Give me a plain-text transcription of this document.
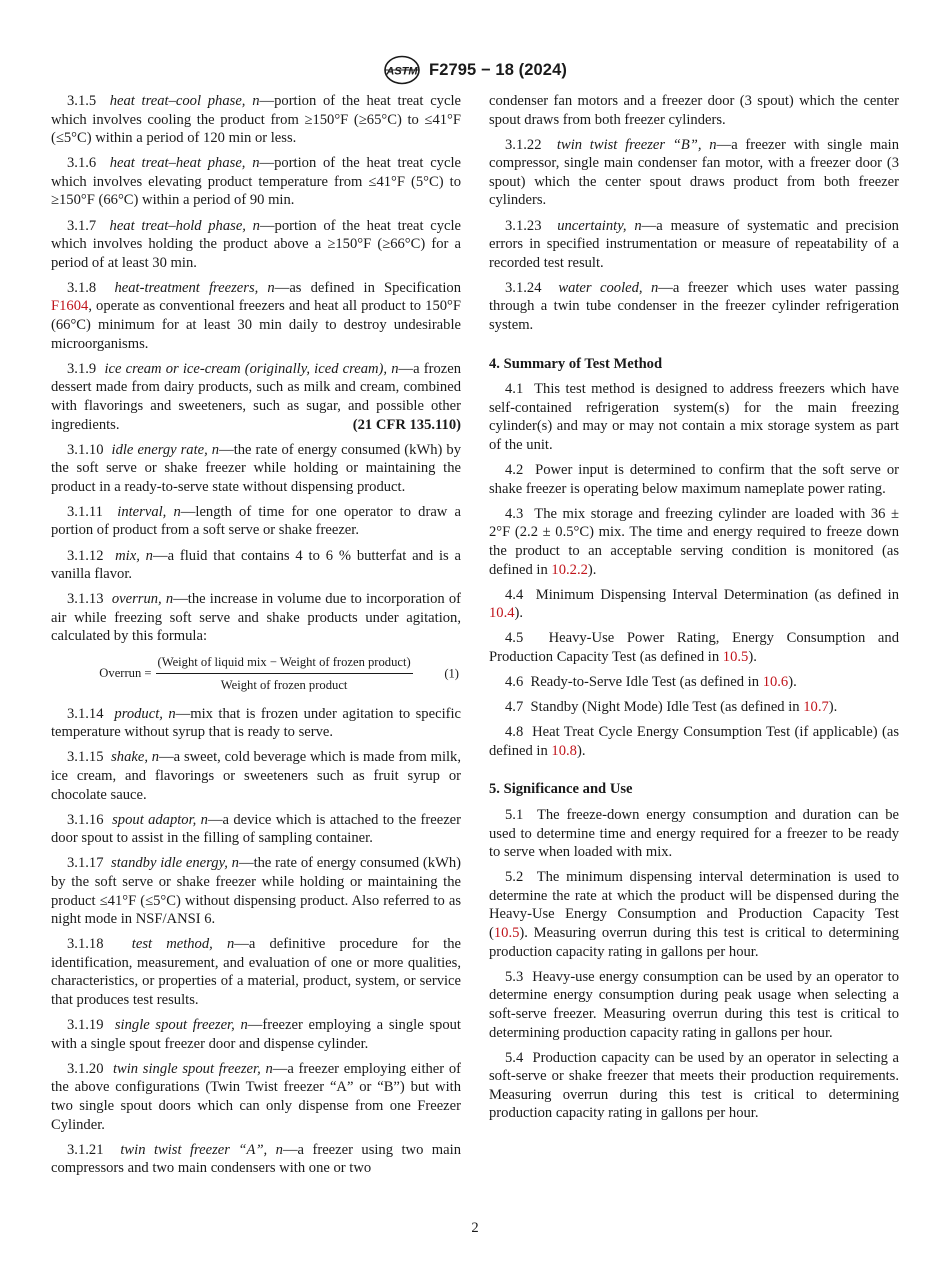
ASTM F2795 − 18 (2024)

3.1.5 heat treat–cool phase, n—portion of the heat treat cycle which involves cooling the product from ≥150°F (≥65°C) to ≤41°F (≤5°C) within a period of 120 min or less.

3.1.6 heat treat–heat phase, n—portion of the heat treat cycle which involves elevating product temperature from ≤41°F (5°C) to ≥150°F (66°C) within a period of 90 min.

3.1.7 heat treat–hold phase, n—portion of the heat treat cycle which involves holding the product above a ≥150°F (≥66°C) for a period of at least 30 min.

3.1.8 heat-treatment freezers, n—as defined in Specification F1604, operate as conventional freezers and heat all product to 150°F (66°C) minimum for at least 30 min daily to destroy undesirable microorganisms.

3.1.9 ice cream or ice-cream (originally, iced cream), n—a frozen dessert made from dairy products, such as milk and cream, combined with flavorings and sweeteners, such as sugar, and possible other ingredients.	(21 CFR 135.110)

3.1.10 idle energy rate, n—the rate of energy consumed (kWh) by the soft serve or shake freezer while holding or maintaining the product in a ready-to-serve state without dispensing product.

3.1.11 interval, n—length of time for one operator to draw a portion of product from a soft serve or shake freezer.

3.1.12 mix, n—a fluid that contains 4 to 6 % butterfat and is a vanilla flavor.

3.1.13 overrun, n—the increase in volume due to incorporation of air while freezing soft serve and shake products under agitation, calculated by this formula:

Overrun = $\frac{\text{(Weight of liquid mix − Weight of frozen product)}}{\text{Weight of frozen product}}$	(1)

3.1.14 product, n—mix that is frozen under agitation to specific temperature without syrup that is ready to serve.

3.1.15 shake, n—a sweet, cold beverage which is made from milk, ice cream, and flavorings or sweeteners such as fruit syrup or chocolate sauce.

3.1.16 spout adaptor, n—a device which is attached to the freezer door spout to assist in the filling of sampling container.

3.1.17 standby idle energy, n—the rate of energy consumed (kWh) by the soft serve or shake freezer while holding or maintaining the product ≤41°F (≤5°C) without dispensing product. Also referred to as night mode in NSF/ANSI 6.

3.1.18 test method, n—a definitive procedure for the identification, measurement, and evaluation of one or more qualities, characteristics, or properties of a material, product, system, or service that produces test results.

3.1.19 single spout freezer, n—freezer employing a single spout with a single spout freezer door and dispense cylinder.

3.1.20 twin single spout freezer, n—a freezer employing either of the above configurations (Twin Twist freezer “A” or “B”) but with two single spout doors which can only dispense from one Freezer Cylinder.

3.1.21 twin twist freezer “A”, n—a freezer using two main compressors and two main condensers with one or two

condenser fan motors and a freezer door (3 spout) which the center spout draws from both freezer cylinders.

3.1.22 twin twist freezer “B”, n—a freezer with single main compressor, single main condenser fan motor, with a freezer door (3 spout) which the center spout draws product from both freezer cylinders.

3.1.23 uncertainty, n—a measure of systematic and precision errors in specified instrumentation or measure of repeatability of a recorded test result.

3.1.24 water cooled, n—a freezer which uses water passing through a twin tube condenser in the freezer cylinder refrigeration system.

4. Summary of Test Method

4.1 This test method is designed to address freezers which have self-contained refrigeration system(s) for the main freezing cylinder(s) and may or may not contain a mix storage system as part of the unit.

4.2 Power input is determined to confirm that the soft serve or shake freezer is operating below maximum nameplate power rating.

4.3 The mix storage and freezing cylinder are loaded with 36 ± 2°F (2.2 ± 0.5°C) mix. The time and energy required to freeze down the product to an acceptable serving condition is monitored (as defined in 10.2.2).

4.4 Minimum Dispensing Interval Determination (as defined in 10.4).

4.5 Heavy-Use Power Rating, Energy Consumption and Production Capacity Test (as defined in 10.5).

4.6 Ready-to-Serve Idle Test (as defined in 10.6).

4.7 Standby (Night Mode) Idle Test (as defined in 10.7).

4.8 Heat Treat Cycle Energy Consumption Test (if applicable) (as defined in 10.8).

5. Significance and Use

5.1 The freeze-down energy consumption and duration can be used to determine time and energy required for a freezer to be ready to serve when loaded with mix.

5.2 The minimum dispensing interval determination is used to determine the rate at which the product will be dispensed during the Heavy-Use Energy Consumption and Production Capacity Test (10.5). Measuring overrun during this test is critical to determining production capacity rating in gallons per hour.

5.3 Heavy-use energy consumption can be used by an operator to determine energy consumption during peak usage when selecting a soft-serve freezer. Measuring overrun during this test is critical to determining production capacity rating in gallons per hour.

5.4 Production capacity can be used by an operator in selecting a soft-serve or shake freezer that meets their production requirements. Measuring overrun during this test is critical to determining production capacity rating in gallons per hour.

2
